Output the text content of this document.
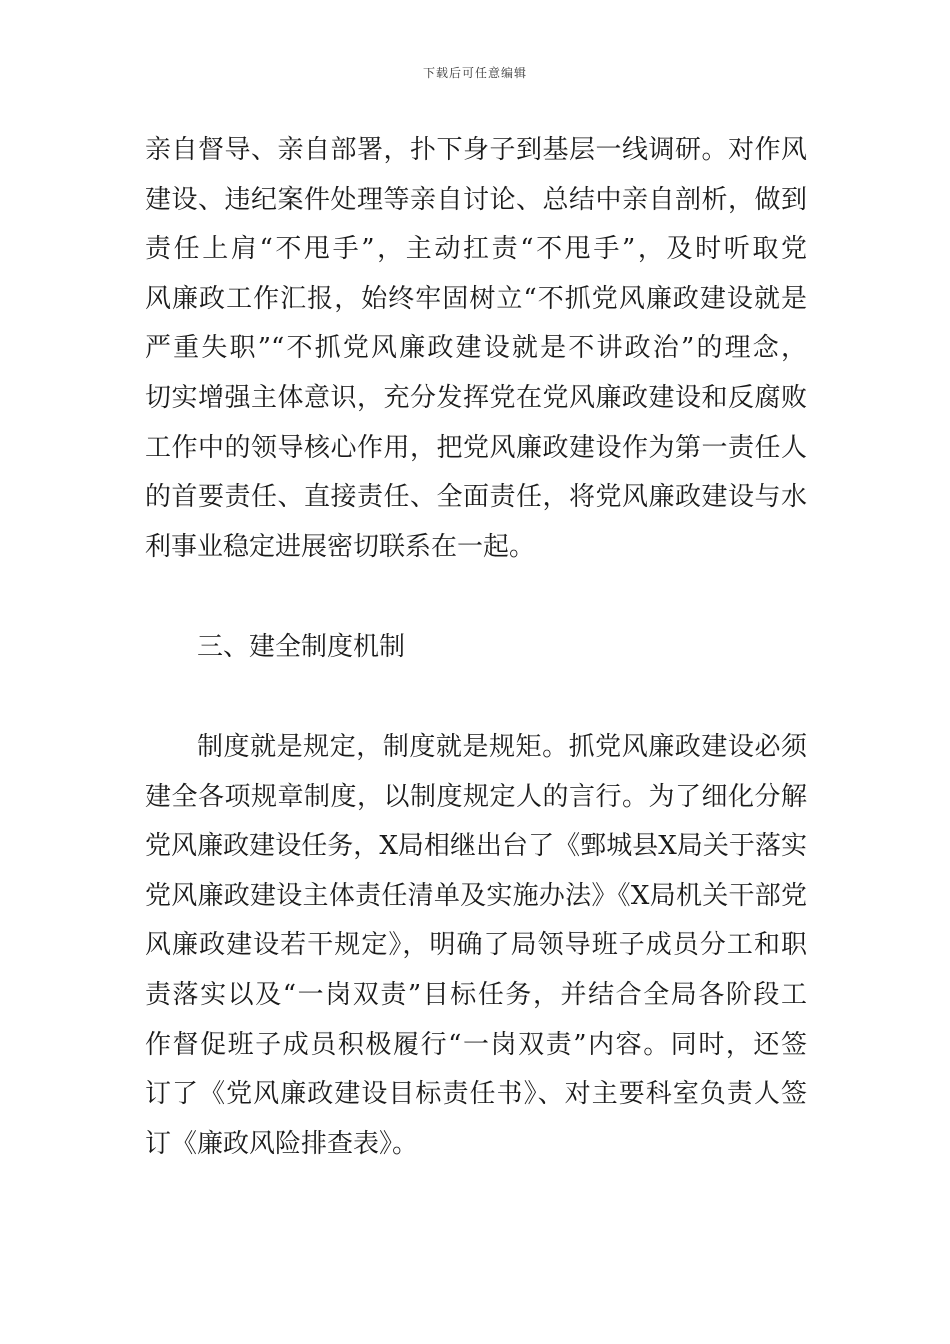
下载后可任意编辑
亲自督导、亲自部署，扑下身子到基层一线调研。对作风
建设、违纪案件处理等亲自讨论、总结中亲自剖析，做到
责任上肩“不甩手”，主动扛责“不甩手”，及时听取党
风廉政工作汇报，始终牢固树立“不抓党风廉政建设就是
严重失职”“不抓党风廉政建设就是不讲政治”的理念，
切实增强主体意识，充分发挥党在党风廉政建设和反腐败
工作中的领导核心作用，把党风廉政建设作为第一责任人
的首要责任、直接责任、全面责任，将党风廉政建设与水
利事业稳定进展密切联系在一起。
三、建全制度机制
制度就是规定，制度就是规矩。抓党风廉政建设必须
建全各项规章制度，以制度规定人的言行。为了细化分解
党风廉政建设任务，X局相继出台了《鄄城县X局关于落实
党风廉政建设主体责任清单及实施办法》《X局机关干部党
风廉政建设若干规定》，明确了局领导班子成员分工和职
责落实以及“一岗双责”目标任务，并结合全局各阶段工
作督促班子成员积极履行“一岗双责”内容。同时，还签
订了《党风廉政建设目标责任书》、对主要科室负责人签
订《廉政风险排查表》。
